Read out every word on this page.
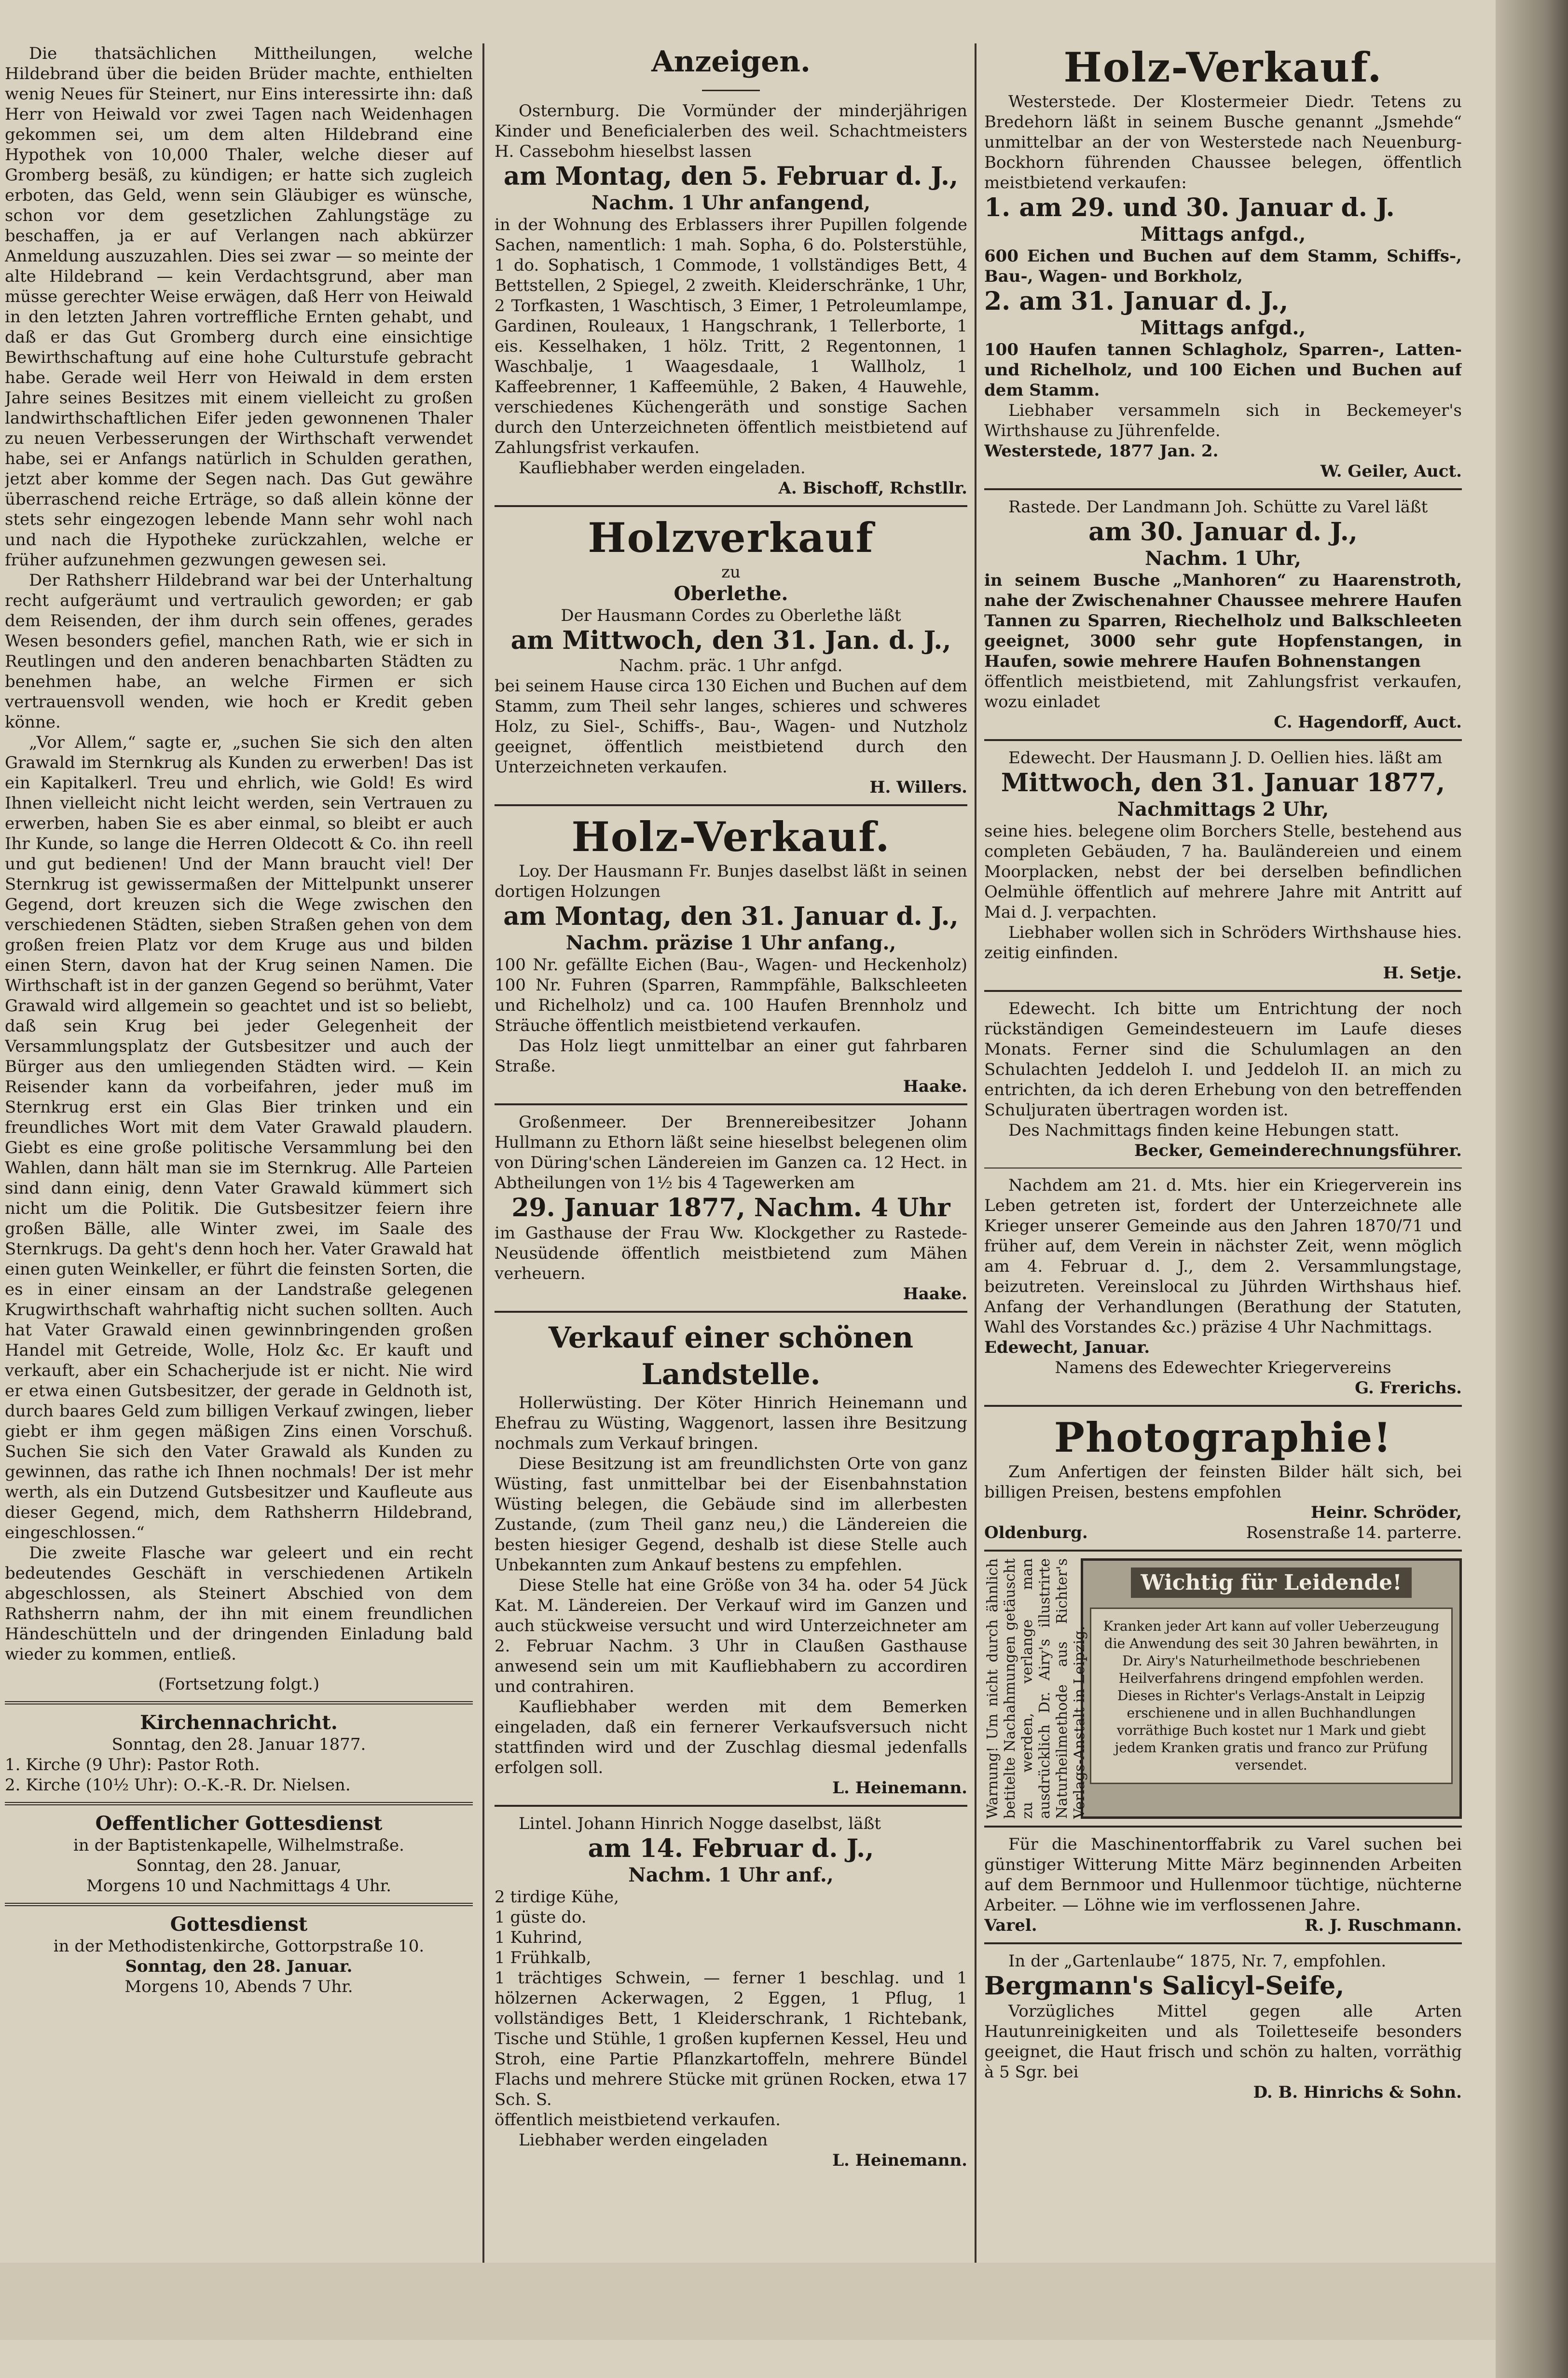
Die thatsächlichen Mittheilungen, welche Hildebrand über die beiden Brüder machte, enthielten wenig Neues für Steinert, nur Eins interessirte ihn: daß Herr von Heiwald vor zwei Tagen nach Weidenhagen gekommen sei, um dem alten Hildebrand eine Hypothek von 10,000 Thaler, welche dieser auf Gromberg besäß, zu kündigen; er hatte sich zugleich erboten, das Geld, wenn sein Gläubiger es wünsche, schon vor dem gesetzlichen Zahlungstäge zu beschaffen, ja er auf Verlangen nach abkürzer Anmeldung auszuzahlen. Dies sei zwar — so meinte der alte Hildebrand — kein Verdachtsgrund, aber man müsse gerechter Weise erwägen, daß Herr von Heiwald in den letzten Jahren vortreffliche Ernten gehabt, und daß er das Gut Gromberg durch eine einsichtige Bewirthschaftung auf eine hohe Culturstufe gebracht habe. Gerade weil Herr von Heiwald in dem ersten Jahre seines Besitzes mit einem vielleicht zu großen landwirthschaftlichen Eifer jeden gewonnenen Thaler zu neuen Verbesserungen der Wirthschaft verwendet habe, sei er Anfangs natürlich in Schulden gerathen, jetzt aber komme der Segen nach. Das Gut gewähre überraschend reiche Erträge, so daß allein könne der stets sehr eingezogen lebende Mann sehr wohl nach und nach die Hypotheke zurückzahlen, welche er früher aufzunehmen gezwungen gewesen sei.

Der Rathsherr Hildebrand war bei der Unterhaltung recht aufgeräumt und vertraulich geworden; er gab dem Reisenden, der ihm durch sein offenes, gerades Wesen besonders gefiel, manchen Rath, wie er sich in Reutlingen und den anderen benachbarten Städten zu benehmen habe, an welche Firmen er sich vertrauensvoll wenden, wie hoch er Kredit geben könne.

„Vor Allem,“ sagte er, „suchen Sie sich den alten Grawald im Sternkrug als Kunden zu erwerben! Das ist ein Kapitalkerl. Treu und ehrlich, wie Gold! Es wird Ihnen vielleicht nicht leicht werden, sein Vertrauen zu erwerben, haben Sie es aber einmal, so bleibt er auch Ihr Kunde, so lange die Herren Oldecott & Co. ihn reell und gut bedienen! Und der Mann braucht viel! Der Sternkrug ist gewissermaßen der Mittelpunkt unserer Gegend, dort kreuzen sich die Wege zwischen den verschiedenen Städten, sieben Straßen gehen von dem großen freien Platz vor dem Kruge aus und bilden einen Stern, davon hat der Krug seinen Namen. Die Wirthschaft ist in der ganzen Gegend so berühmt, Vater Grawald wird allgemein so geachtet und ist so beliebt, daß sein Krug bei jeder Gelegenheit der Versammlungsplatz der Gutsbesitzer und auch der Bürger aus den umliegenden Städten wird. — Kein Reisender kann da vorbeifahren, jeder muß im Sternkrug erst ein Glas Bier trinken und ein freundliches Wort mit dem Vater Grawald plaudern. Giebt es eine große politische Versammlung bei den Wahlen, dann hält man sie im Sternkrug. Alle Parteien sind dann einig, denn Vater Grawald kümmert sich nicht um die Politik. Die Gutsbesitzer feiern ihre großen Bälle, alle Winter zwei, im Saale des Sternkrugs. Da geht's denn hoch her. Vater Grawald hat einen guten Weinkeller, er führt die feinsten Sorten, die es in einer einsam an der Landstraße gelegenen Krugwirthschaft wahrhaftig nicht suchen sollten. Auch hat Vater Grawald einen gewinnbringenden großen Handel mit Getreide, Wolle, Holz &c. Er kauft und verkauft, aber ein Schacherjude ist er nicht. Nie wird er etwa einen Gutsbesitzer, der gerade in Geldnoth ist, durch baares Geld zum billigen Verkauf zwingen, lieber giebt er ihm gegen mäßigen Zins einen Vorschuß. Suchen Sie sich den Vater Grawald als Kunden zu gewinnen, das rathe ich Ihnen nochmals! Der ist mehr werth, als ein Dutzend Gutsbesitzer und Kaufleute aus dieser Gegend, mich, dem Rathsherrn Hildebrand, eingeschlossen.“

Die zweite Flasche war geleert und ein recht bedeutendes Geschäft in verschiedenen Artikeln abgeschlossen, als Steinert Abschied von dem Rathsherrn nahm, der ihn mit einem freundlichen Händeschütteln und der dringenden Einladung bald wieder zu kommen, entließ.

(Fortsetzung folgt.)

Kirchennachricht.

Sonntag, den 28. Januar 1877.

1. Kirche (9 Uhr): Pastor Roth.

2. Kirche (10½ Uhr): O.-K.-R. Dr. Nielsen.

Oeffentlicher Gottesdienst

in der Baptistenkapelle, Wilhelmstraße.

Sonntag, den 28. Januar,

Morgens 10 und Nachmittags 4 Uhr.

Gottesdienst

in der Methodistenkirche, Gottorpstraße 10.

Sonntag, den 28. Januar.

Morgens 10, Abends 7 Uhr.

Anzeigen.

Osternburg. Die Vormünder der minderjährigen Kinder und Beneficialerben des weil. Schachtmeisters H. Cassebohm hieselbst lassen

am Montag, den 5. Februar d. J.,

Nachm. 1 Uhr anfangend,

in der Wohnung des Erblassers ihrer Pupillen folgende Sachen, namentlich: 1 mah. Sopha, 6 do. Polsterstühle, 1 do. Sophatisch, 1 Commode, 1 vollständiges Bett, 4 Bettstellen, 2 Spiegel, 2 zweith. Kleiderschränke, 1 Uhr, 2 Torfkasten, 1 Waschtisch, 3 Eimer, 1 Petroleumlampe, Gardinen, Rouleaux, 1 Hangschrank, 1 Tellerborte, 1 eis. Kesselhaken, 1 hölz. Tritt, 2 Regentonnen, 1 Waschbalje, 1 Waagesdaale, 1 Wallholz, 1 Kaffeebrenner, 1 Kaffeemühle, 2 Baken, 4 Hauwehle, verschiedenes Küchengeräth und sonstige Sachen durch den Unterzeichneten öffentlich meistbietend auf Zahlungsfrist verkaufen.

Kaufliebhaber werden eingeladen.

A. Bischoff, Rchstllr.

Holzverkauf

zu

Oberlethe.

Der Hausmann Cordes zu Oberlethe läßt

am Mittwoch, den 31. Jan. d. J.,

Nachm. präc. 1 Uhr anfgd.

bei seinem Hause circa 130 Eichen und Buchen auf dem Stamm, zum Theil sehr langes, schieres und schweres Holz, zu Siel-, Schiffs-, Bau-, Wagen- und Nutzholz geeignet, öffentlich meistbietend durch den Unterzeichneten verkaufen.

H. Willers.

Holz-Verkauf.

Loy. Der Hausmann Fr. Bunjes daselbst läßt in seinen dortigen Holzungen

am Montag, den 31. Januar d. J.,

Nachm. präzise 1 Uhr anfang.,

100 Nr. gefällte Eichen (Bau-, Wagen- und Heckenholz) 100 Nr. Fuhren (Sparren, Rammpfähle, Balkschleeten und Richelholz) und ca. 100 Haufen Brennholz und Sträuche öffentlich meistbietend verkaufen.

Das Holz liegt unmittelbar an einer gut fahrbaren Straße.

Haake.

Großenmeer. Der Brennereibesitzer Johann Hullmann zu Ethorn läßt seine hieselbst belegenen olim von Düring'schen Ländereien im Ganzen ca. 12 Hect. in Abtheilungen von 1½ bis 4 Tagewerken am

29. Januar 1877, Nachm. 4 Uhr

im Gasthause der Frau Ww. Klockgether zu Rastede-Neusüdende öffentlich meistbietend zum Mähen verheuern.

Haake.

Verkauf einer schönen Landstelle.

Hollerwüsting. Der Köter Hinrich Heinemann und Ehefrau zu Wüsting, Waggenort, lassen ihre Besitzung nochmals zum Verkauf bringen.

Diese Besitzung ist am freundlichsten Orte von ganz Wüsting, fast unmittelbar bei der Eisenbahnstation Wüsting belegen, die Gebäude sind im allerbesten Zustande, (zum Theil ganz neu,) die Ländereien die besten hiesiger Gegend, deshalb ist diese Stelle auch Unbekannten zum Ankauf bestens zu empfehlen.

Diese Stelle hat eine Größe von 34 ha. oder 54 Jück Kat. M. Ländereien. Der Verkauf wird im Ganzen und auch stückweise versucht und wird Unterzeichneter am 2. Februar Nachm. 3 Uhr in Claußen Gasthause anwesend sein um mit Kaufliebhabern zu accordiren und contrahiren.

Kaufliebhaber werden mit dem Bemerken eingeladen, daß ein fernerer Verkaufsversuch nicht stattfinden wird und der Zuschlag diesmal jedenfalls erfolgen soll.

L. Heinemann.

Lintel. Johann Hinrich Nogge daselbst, läßt

am 14. Februar d. J.,

Nachm. 1 Uhr anf.,

2 tirdige Kühe,

1 güste do.

1 Kuhrind,

1 Frühkalb,

1 trächtiges Schwein, — ferner 1 beschlag. und 1 hölzernen Ackerwagen, 2 Eggen, 1 Pflug, 1 vollständiges Bett, 1 Kleiderschrank, 1 Richtebank, Tische und Stühle, 1 großen kupfernen Kessel, Heu und Stroh, eine Partie Pflanzkartoffeln, mehrere Bündel Flachs und mehrere Stücke mit grünen Rocken, etwa 17 Sch. S.

öffentlich meistbietend verkaufen.

Liebhaber werden eingeladen

L. Heinemann.

Holz-Verkauf.

Westerstede. Der Klostermeier Diedr. Tetens zu Bredehorn läßt in seinem Busche genannt „Jsmehde“ unmittelbar an der von Westerstede nach Neuenburg-Bockhorn führenden Chaussee belegen, öffentlich meistbietend verkaufen:

1. am 29. und 30. Januar d. J.

Mittags anfgd.,

600 Eichen und Buchen auf dem Stamm, Schiffs-, Bau-, Wagen- und Borkholz,

2. am 31. Januar d. J.,

Mittags anfgd.,

100 Haufen tannen Schlagholz, Sparren-, Latten- und Richelholz, und 100 Eichen und Buchen auf dem Stamm.

Liebhaber versammeln sich in Beckemeyer's Wirthshause zu Jührenfelde.

Westerstede, 1877 Jan. 2.

W. Geiler, Auct.

Rastede. Der Landmann Joh. Schütte zu Varel läßt

am 30. Januar d. J.,

Nachm. 1 Uhr,

in seinem Busche „Manhoren“ zu Haarenstroth, nahe der Zwischenahner Chaussee mehrere Haufen Tannen zu Sparren, Riechelholz und Balkschleeten geeignet, 3000 sehr gute Hopfenstangen, in Haufen, sowie mehrere Haufen Bohnenstangen

öffentlich meistbietend, mit Zahlungsfrist verkaufen, wozu einladet

C. Hagendorff, Auct.

Edewecht. Der Hausmann J. D. Oellien hies. läßt am

Mittwoch, den 31. Januar 1877,

Nachmittags 2 Uhr,

seine hies. belegene olim Borchers Stelle, bestehend aus completen Gebäuden, 7 ha. Bauländereien und einem Moorplacken, nebst der bei derselben befindlichen Oelmühle öffentlich auf mehrere Jahre mit Antritt auf Mai d. J. verpachten.

Liebhaber wollen sich in Schröders Wirthshause hies. zeitig einfinden.

H. Setje.

Edewecht. Ich bitte um Entrichtung der noch rückständigen Gemeindesteuern im Laufe dieses Monats. Ferner sind die Schulumlagen an den Schulachten Jeddeloh I. und Jeddeloh II. an mich zu entrichten, da ich deren Erhebung von den betreffenden Schuljuraten übertragen worden ist.

Des Nachmittags finden keine Hebungen statt.

Becker, Gemeinderechnungsführer.

Nachdem am 21. d. Mts. hier ein Kriegerverein ins Leben getreten ist, fordert der Unterzeichnete alle Krieger unserer Gemeinde aus den Jahren 1870/71 und früher auf, dem Verein in nächster Zeit, wenn möglich am 4. Februar d. J., dem 2. Versammlungstage, beizutreten. Vereinslocal zu Jührden Wirthshaus hief. Anfang der Verhandlungen (Berathung der Statuten, Wahl des Vorstandes &c.) präzise 4 Uhr Nachmittags.

Edewecht, Januar.

Namens des Edewechter Kriegervereins

G. Frerichs.

Photographie!

Zum Anfertigen der feinsten Bilder hält sich, bei billigen Preisen, bestens empfohlen

Heinr. Schröder,

Oldenburg.	Rosenstraße 14. parterre.

Warnung! Um nicht durch ähnlich betitelte Nachahmungen getäuscht zu werden, verlange man ausdrücklich Dr. Airy's illustrirte Naturheilmethode aus Richter's Verlags-Anstalt in Leipzig.

Wichtig für Leidende!

Kranken jeder Art kann auf voller Ueberzeugung die Anwendung des seit 30 Jahren bewährten, in Dr. Airy's Naturheilmethode beschriebenen Heilverfahrens dringend empfohlen werden. Dieses in Richter's Verlags-Anstalt in Leipzig erschienene und in allen Buchhandlungen vorräthige Buch kostet nur 1 Mark und giebt jedem Kranken gratis und franco zur Prüfung versendet.

Für die Maschinentorffabrik zu Varel suchen bei günstiger Witterung Mitte März beginnenden Arbeiten auf dem Bernmoor und Hullenmoor tüchtige, nüchterne Arbeiter. — Löhne wie im verflossenen Jahre.

Varel.	R. J. Ruschmann.

In der „Gartenlaube“ 1875, Nr. 7, empfohlen.

Bergmann's Salicyl-Seife,

Vorzügliches Mittel gegen alle Arten Hautunreinigkeiten und als Toiletteseife besonders geeignet, die Haut frisch und schön zu halten, vorräthig à 5 Sgr. bei

D. B. Hinrichs & Sohn.
